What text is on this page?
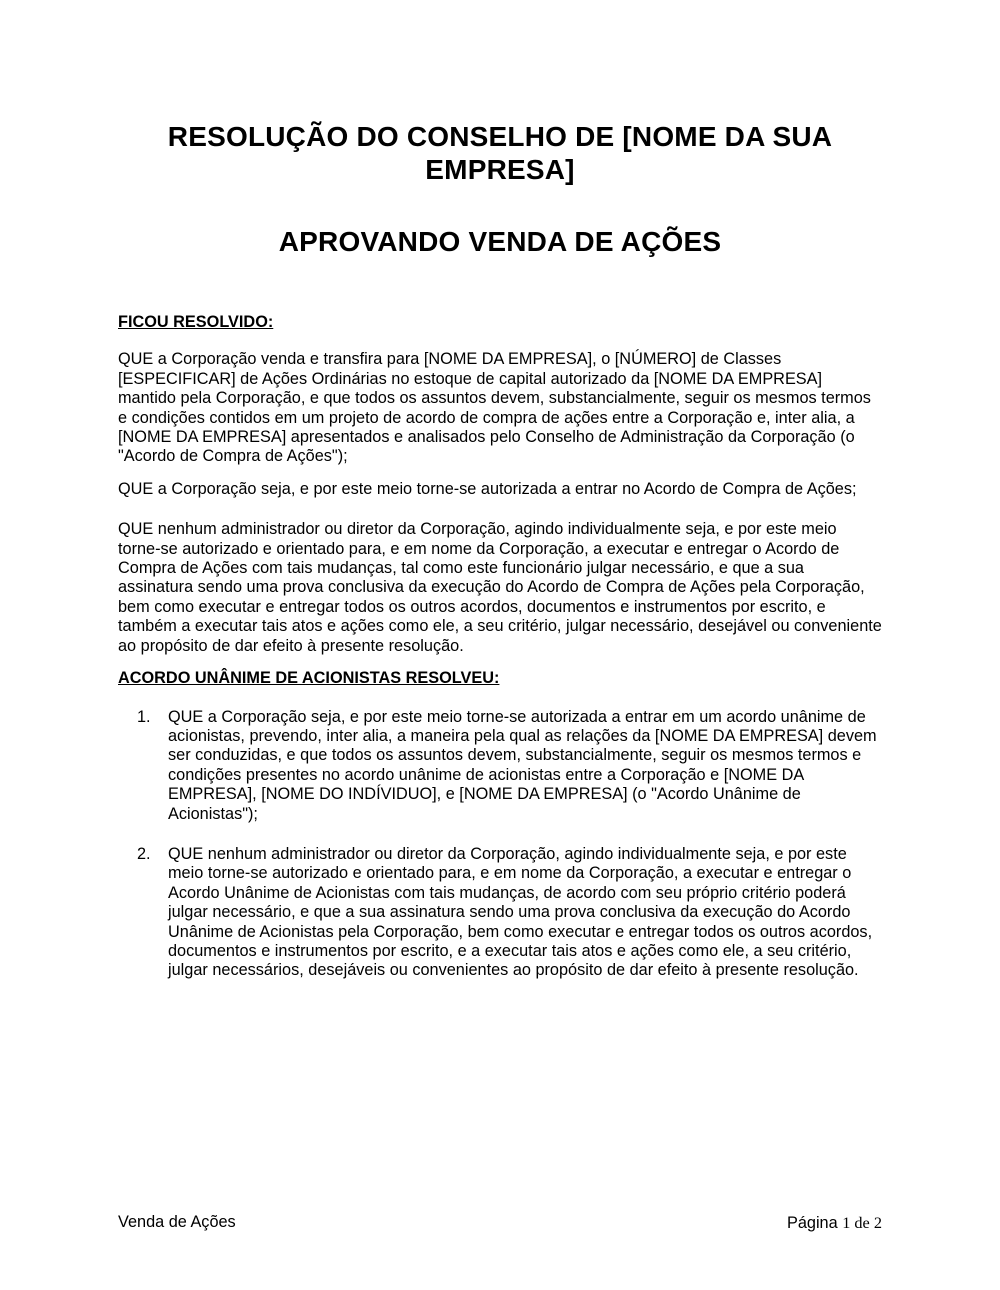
RESOLUÇÃO DO CONSELHO DE [NOME DA SUA EMPRESA]
APROVANDO VENDA DE AÇÕES
FICOU RESOLVIDO:

QUE a Corporação venda e transfira para [NOME DA EMPRESA], o [NÚMERO] de Classes [ESPECIFICAR] de Ações Ordinárias no estoque de capital autorizado da [NOME DA EMPRESA] mantido pela Corporação, e que todos os assuntos devem, substancialmente, seguir os mesmos termos e condições contidos em um projeto de acordo de compra de ações entre a Corporação e, inter alia, a [NOME DA EMPRESA] apresentados e analisados pelo Conselho de Administração da Corporação (o "Acordo de Compra de Ações");

QUE a Corporação seja, e por este meio torne-se autorizada a entrar no Acordo de Compra de Ações;

QUE nenhum administrador ou diretor da Corporação, agindo individualmente seja, e por este meio torne-se autorizado e orientado para, e em nome da Corporação, a executar e entregar o Acordo de Compra de Ações com tais mudanças, tal como este funcionário julgar necessário, e que a sua assinatura sendo uma prova conclusiva da execução do Acordo de Compra de Ações pela Corporação, bem como executar e entregar todos os outros acordos, documentos e instrumentos por escrito, e também a executar tais atos e ações como ele, a seu critério, julgar necessário, desejável ou conveniente ao propósito de dar efeito à presente resolução.

ACORDO UNÂNIME DE ACIONISTAS RESOLVEU:
1.	QUE a Corporação seja, e por este meio torne-se autorizada a entrar em um acordo unânime de acionistas, prevendo, inter alia, a maneira pela qual as relações da [NOME DA EMPRESA] devem ser conduzidas, e que todos os assuntos devem, substancialmente, seguir os mesmos termos e condições presentes no acordo unânime de acionistas entre a Corporação e [NOME DA EMPRESA], [NOME DO INDÍVIDUO], e [NOME DA EMPRESA] (o "Acordo Unânime de Acionistas");
2.	QUE nenhum administrador ou diretor da Corporação, agindo individualmente seja, e por este meio torne-se autorizado e orientado para, e em nome da Corporação, a executar e entregar o Acordo Unânime de Acionistas com tais mudanças, de acordo com seu próprio critério poderá julgar necessário, e que a sua assinatura sendo uma prova conclusiva da execução do Acordo Unânime de Acionistas pela Corporação, bem como executar e entregar todos os outros acordos, documentos e instrumentos por escrito, e a executar tais atos e ações como ele, a seu critério, julgar necessários, desejáveis ou convenientes ao propósito de dar efeito à presente resolução.
Venda de Ações	Página 1 de 2
